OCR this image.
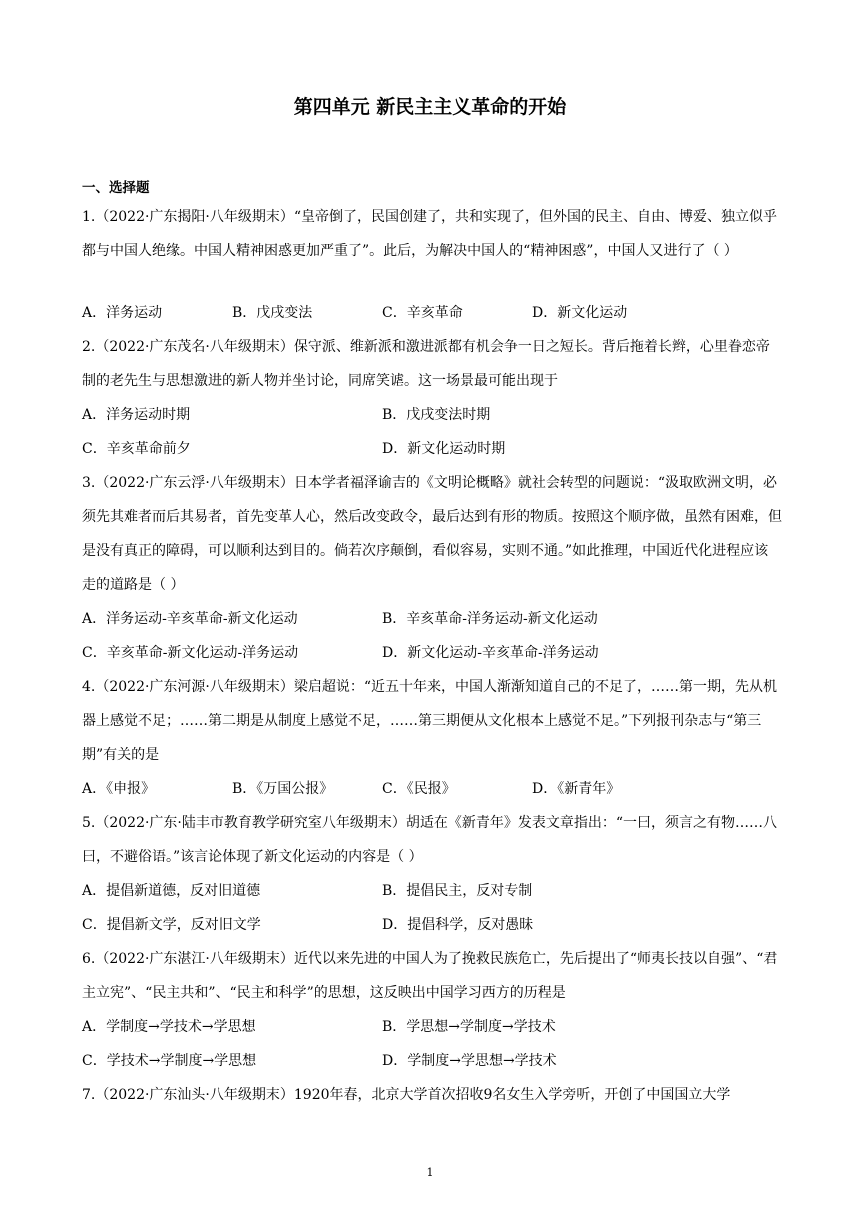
第四单元 新民主主义革命的开始
一、选择题

1.（2022·广东揭阳·八年级期末）“皇帝倒了，民国创建了，共和实现了，但外国的民主、自由、博爱、独立似乎都与中国人绝缘。中国人精神困惑更加严重了”。此后，为解决中国人的“精神困惑”，中国人又进行了（ ）

A．洋务运动	B．戊戌变法	C．辛亥革命	D．新文化运动

2.（2022·广东茂名·八年级期末）保守派、维新派和激进派都有机会争一日之短长。背后拖着长辫，心里眷恋帝制的老先生与思想激进的新人物并坐讨论，同席笑谑。这一场景最可能出现于

A．洋务运动时期	B．戊戌变法时期
C．辛亥革命前夕	D．新文化运动时期

3.（2022·广东云浮·八年级期末）日本学者福泽谕吉的《文明论概略》就社会转型的问题说：“汲取欧洲文明，必须先其难者而后其易者，首先变革人心，然后改变政令，最后达到有形的物质。按照这个顺序做，虽然有困难，但是没有真正的障碍，可以顺利达到目的。倘若次序颠倒，看似容易，实则不通。”如此推理，中国近代化进程应该走的道路是（ ）

A．洋务运动-辛亥革命-新文化运动	B．辛亥革命-洋务运动-新文化运动
C．辛亥革命-新文化运动-洋务运动	D．新文化运动-辛亥革命-洋务运动

4.（2022·广东河源·八年级期末）梁启超说：“近五十年来，中国人渐渐知道自己的不足了，……第一期，先从机器上感觉不足；……第二期是从制度上感觉不足，……第三期便从文化根本上感觉不足。”下列报刊杂志与“第三期”有关的是

A．《申报》	B．《万国公报》	C．《民报》	D．《新青年》

5.（2022·广东·陆丰市教育教学研究室八年级期末）胡适在《新青年》发表文章指出：“一曰，须言之有物……八曰，不避俗语。”该言论体现了新文化运动的内容是（ ）

A．提倡新道德，反对旧道德	B．提倡民主，反对专制
C．提倡新文学，反对旧文学	D．提倡科学，反对愚昧

6.（2022·广东湛江·八年级期末）近代以来先进的中国人为了挽救民族危亡，先后提出了“师夷长技以自强”、“君主立宪”、“民主共和”、“民主和科学”的思想，这反映出中国学习西方的历程是

A．学制度→学技术→学思想	B．学思想→学制度→学技术
C．学技术→学制度→学思想	D．学制度→学思想→学技术

7.（2022·广东汕头·八年级期末）1920年春，北京大学首次招收9名女生入学旁听，开创了中国国立大学

1
